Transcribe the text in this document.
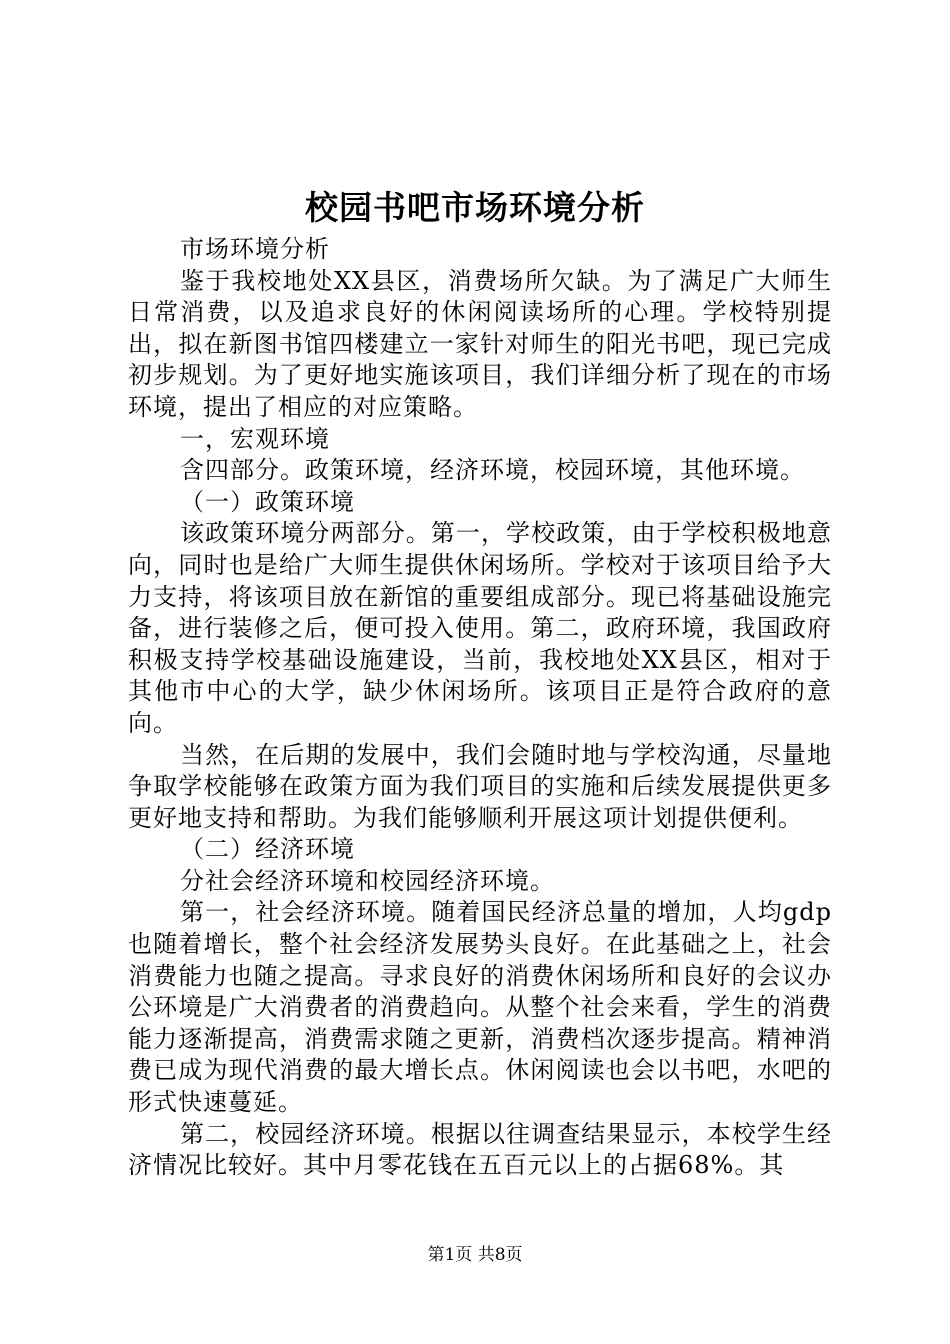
校园书吧市场环境分析

市场环境分析

鉴于我校地处XX县区，消费场所欠缺。为了满足广大师生日常消费，以及追求良好的休闲阅读场所的心理。学校特别提出，拟在新图书馆四楼建立一家针对师生的阳光书吧，现已完成初步规划。为了更好地实施该项目，我们详细分析了现在的市场环境，提出了相应的对应策略。

一，宏观环境

含四部分。政策环境，经济环境，校园环境，其他环境。

（一）政策环境

该政策环境分两部分。第一，学校政策，由于学校积极地意向，同时也是给广大师生提供休闲场所。学校对于该项目给予大力支持，将该项目放在新馆的重要组成部分。现已将基础设施完备，进行装修之后，便可投入使用。第二，政府环境，我国政府积极支持学校基础设施建设，当前，我校地处XX县区，相对于其他市中心的大学，缺少休闲场所。该项目正是符合政府的意向。

当然，在后期的发展中，我们会随时地与学校沟通，尽量地争取学校能够在政策方面为我们项目的实施和后续发展提供更多更好地支持和帮助。为我们能够顺利开展这项计划提供便利。

（二）经济环境

分社会经济环境和校园经济环境。

第一，社会经济环境。随着国民经济总量的增加，人均gdp也随着增长，整个社会经济发展势头良好。在此基础之上，社会消费能力也随之提高。寻求良好的消费休闲场所和良好的会议办公环境是广大消费者的消费趋向。从整个社会来看，学生的消费能力逐渐提高，消费需求随之更新，消费档次逐步提高。精神消费已成为现代消费的最大增长点。休闲阅读也会以书吧，水吧的形式快速蔓延。

第二，校园经济环境。根据以往调查结果显示，本校学生经济情况比较好。其中月零花钱在五百元以上的占据68%。其

第1页 共8页
